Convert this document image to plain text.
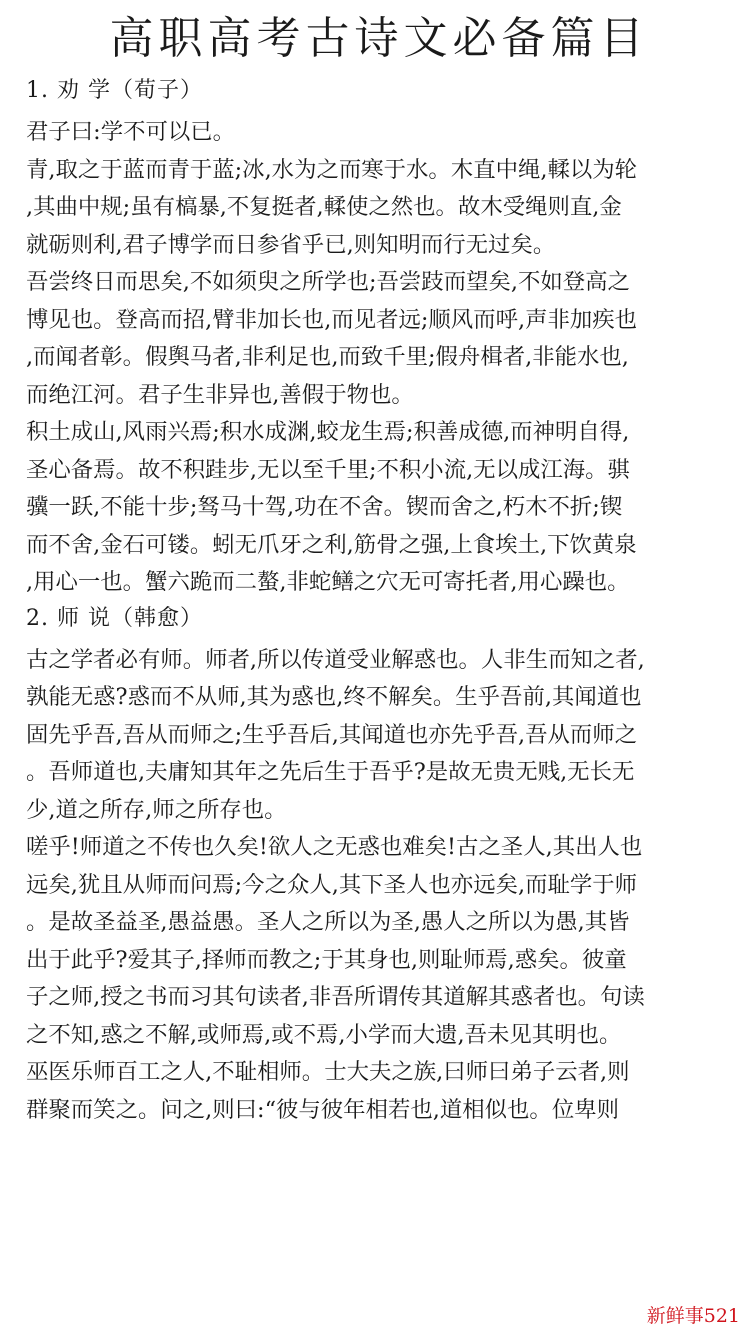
高职高考古诗文必备篇目
1. 劝 学（荀子）

君子曰:学不可以已。

青,取之于蓝而青于蓝;冰,水为之而寒于水。木直中绳,輮以为轮
,其曲中规;虽有槁暴,不复挺者,輮使之然也。故木受绳则直,金
就砺则利,君子博学而日参省乎已,则知明而行无过矣。

吾尝终日而思矣,不如须臾之所学也;吾尝跂而望矣,不如登高之
博见也。登高而招,臂非加长也,而见者远;顺风而呼,声非加疾也
,而闻者彰。假舆马者,非利足也,而致千里;假舟楫者,非能水也,
而绝江河。君子生非异也,善假于物也。

积土成山,风雨兴焉;积水成渊,蛟龙生焉;积善成德,而神明自得,
圣心备焉。故不积跬步,无以至千里;不积小流,无以成江海。骐
骥一跃,不能十步;驽马十驾,功在不舍。锲而舍之,朽木不折;锲
而不舍,金石可镂。蚓无爪牙之利,筋骨之强,上食埃土,下饮黄泉
,用心一也。蟹六跪而二螯,非蛇鳝之穴无可寄托者,用心躁也。

2. 师 说（韩愈）

古之学者必有师。师者,所以传道受业解惑也。人非生而知之者,
孰能无惑?惑而不从师,其为惑也,终不解矣。生乎吾前,其闻道也
固先乎吾,吾从而师之;生乎吾后,其闻道也亦先乎吾,吾从而师之
。吾师道也,夫庸知其年之先后生于吾乎?是故无贵无贱,无长无
少,道之所存,师之所存也。

嗟乎!师道之不传也久矣!欲人之无惑也难矣!古之圣人,其出人也
远矣,犹且从师而问焉;今之众人,其下圣人也亦远矣,而耻学于师
。是故圣益圣,愚益愚。圣人之所以为圣,愚人之所以为愚,其皆
出于此乎?爱其子,择师而教之;于其身也,则耻师焉,惑矣。彼童
子之师,授之书而习其句读者,非吾所谓传其道解其惑者也。句读
之不知,惑之不解,或师焉,或不焉,小学而大遗,吾未见其明也。
巫医乐师百工之人,不耻相师。士大夫之族,曰师曰弟子云者,则
群聚而笑之。问之,则曰:“彼与彼年相若也,道相似也。位卑则

新鲜事521
